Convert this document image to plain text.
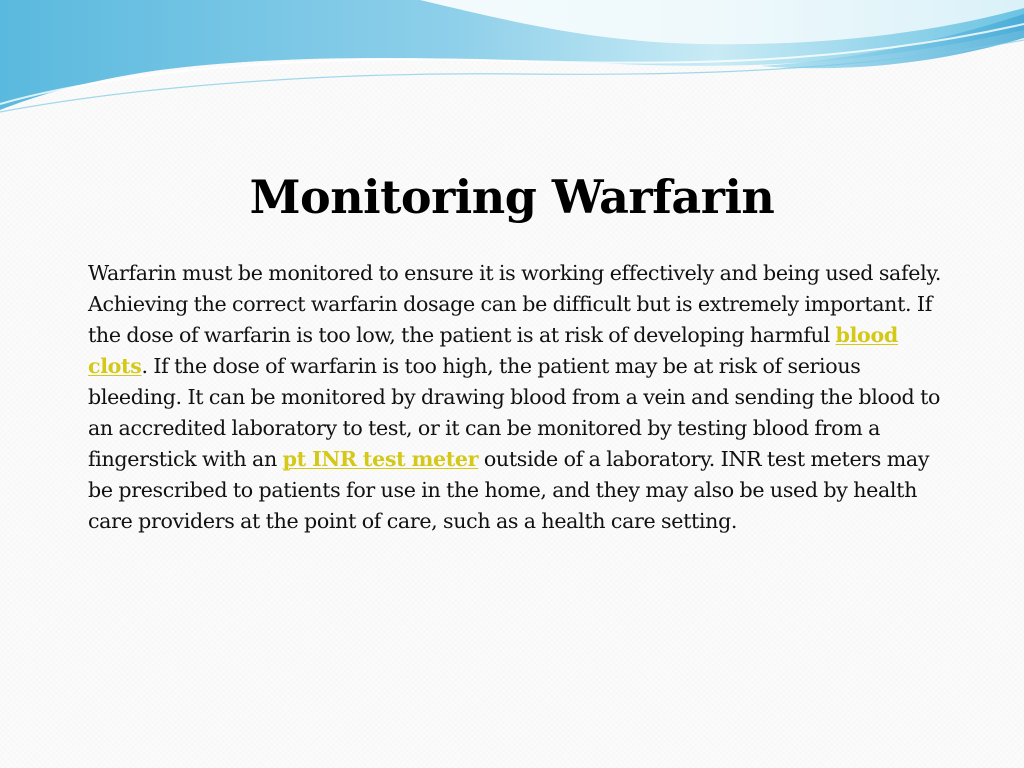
Monitoring Warfarin

Warfarin must be monitored to ensure it is working effectively and being used safely. Achieving the correct warfarin dosage can be difficult but is extremely important. If the dose of warfarin is too low, the patient is at risk of developing harmful blood clots. If the dose of warfarin is too high, the patient may be at risk of serious bleeding. It can be monitored by drawing blood from a vein and sending the blood to an accredited laboratory to test, or it can be monitored by testing blood from a fingerstick with an pt INR test meter outside of a laboratory. INR test meters may be prescribed to patients for use in the home, and they may also be used by health care providers at the point of care, such as a health care setting.
